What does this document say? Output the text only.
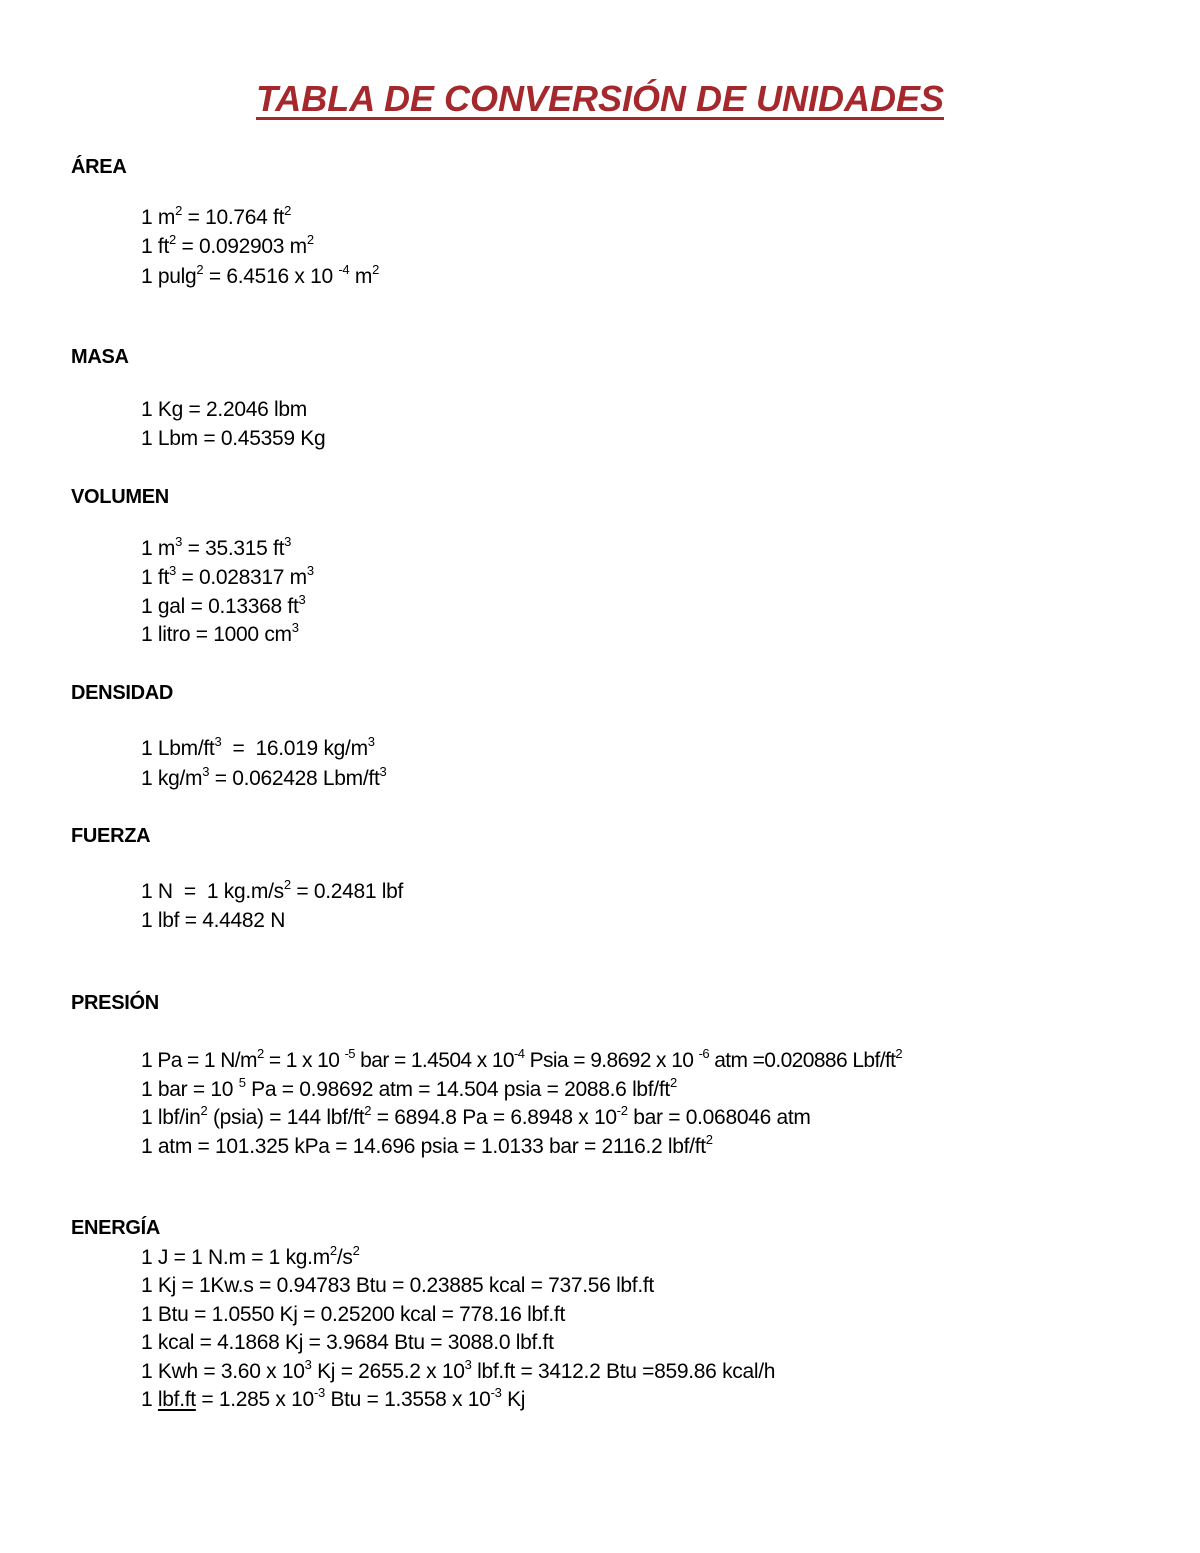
TABLA DE CONVERSIÓN DE UNIDADES
ÁREA
1 $m^2 = 10.764$ $ft^2$
1 $ft^2 = 0.092903$ $m^2$
1 pulg$^2$ = 6.4516 x 10 $^{-4}$ $m^2$
MASA
1 Kg = 2.2046 lbm
1 Lbm = 0.45359 Kg
VOLUMEN
1 $m^3 = 35.315$ $ft^3$
1 $ft^3 = 0.028317$ $m^3$
1 gal = 0.13368 $ft^3$
1 litro = 1000 $cm^3$
DENSIDAD
1 Lbm/$ft^3 = 16.019$ $kg/m^3$
1 $kg/m^3 = 0.062428$ Lbm/$ft^3$
FUERZA
1 N  =  1 $kg.m/s^2 = 0.2481$ lbf
1 lbf = 4.4482 N
PRESIÓN
1 Pa = 1 $N/m^2 = 1$ x 10 $^{-5}$ bar = 1.4504 x $10^{-4}$ Psia = 9.8692 x 10 $^{-6}$ atm =0.020886 Lbf/$ft^2$
1 bar = 10 $^5$ Pa = 0.98692 atm = 14.504 psia = 2088.6 lbf/$ft^2$
1 lbf/$in^2$ (psia) = 144 lbf/$ft^2 = 6894.8$ Pa = 6.8948 x $10^{-2}$ bar = 0.068046 atm
1 atm = 101.325 kPa = 14.696 psia = 1.0133 bar = 2116.2 lbf/$ft^2$
ENERGÍA
1 J = 1 N.m = 1 $kg.m^2/s^2$
1 Kj = 1Kw.s = 0.94783 Btu = 0.23885 kcal = 737.56 lbf.ft
1 Btu = 1.0550 Kj = 0.25200 kcal = 778.16 lbf.ft
1 kcal = 4.1868 Kj = 3.9684 Btu = 3088.0 lbf.ft
1 Kwh = 3.60 x $10^3$ Kj = 2655.2 x $10^3$ lbf.ft = 3412.2 Btu =859.86 kcal/h
1 lbf.ft = 1.285 x $10^{-3}$ Btu = 1.3558 x $10^{-3}$ Kj
